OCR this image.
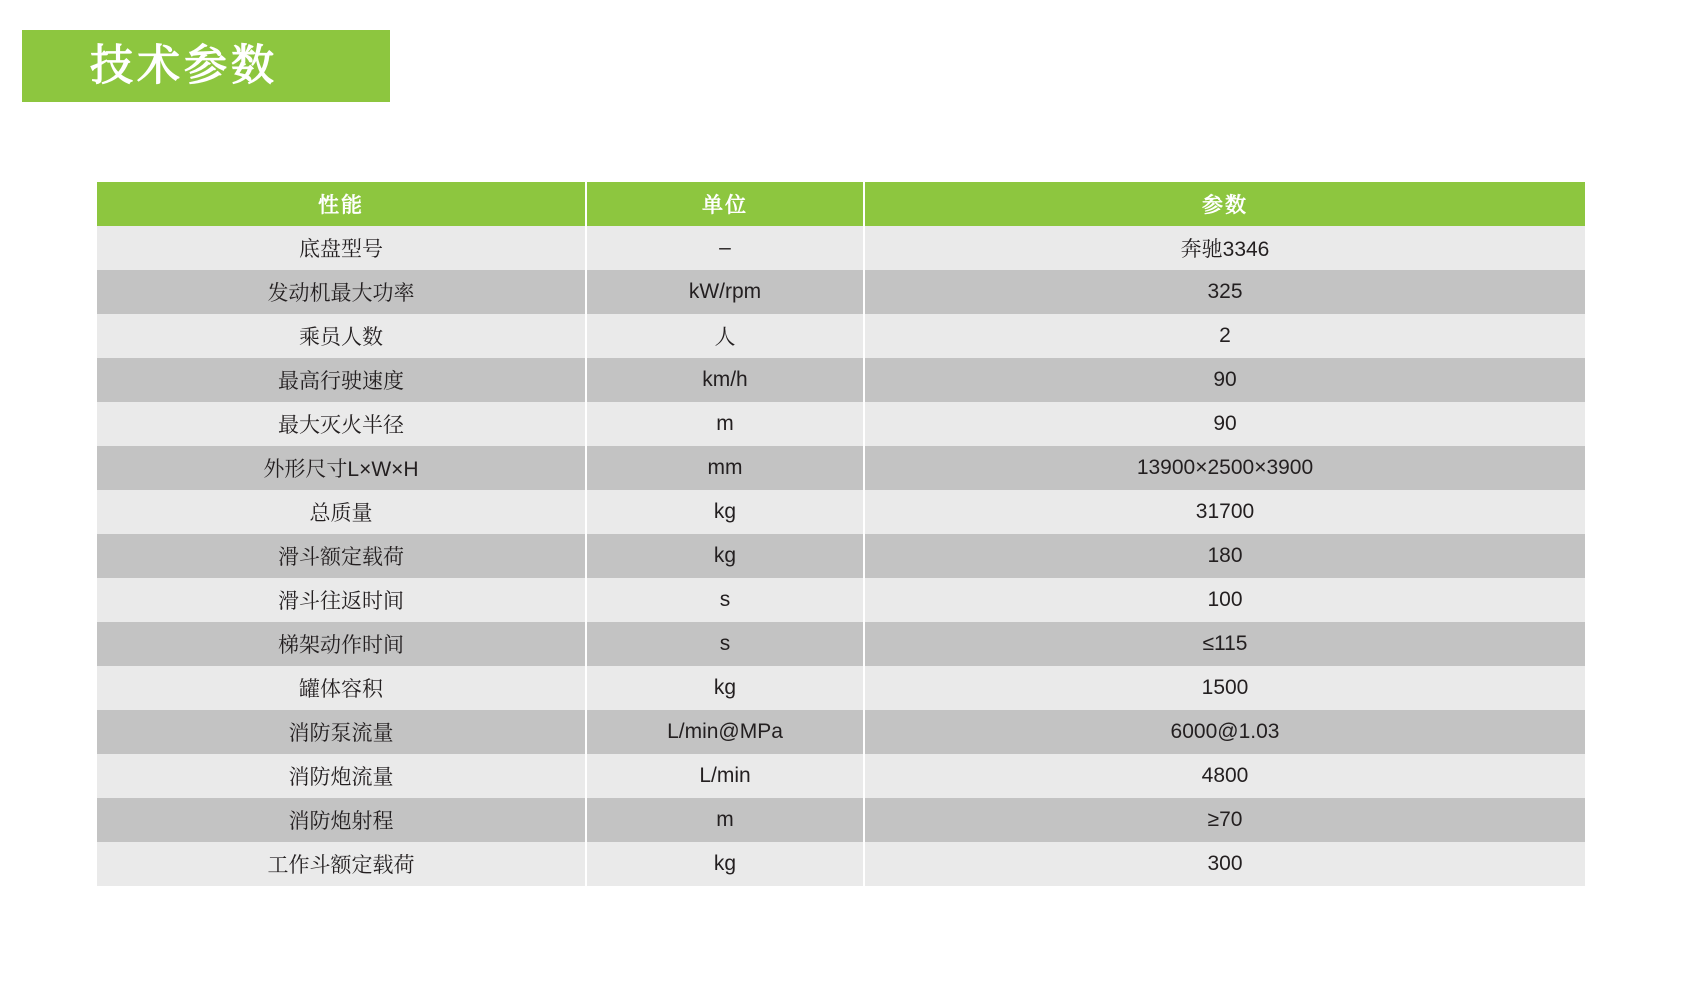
技术参数
性能	单位	参数
底盘型号	–	奔驰3346
发动机最大功率	kW/rpm	325
乘员人数	人	2
最高行驶速度	km/h	90
最大灭火半径	m	90
外形尺寸L×W×H	mm	13900×2500×3900
总质量	kg	31700
滑斗额定载荷	kg	180
滑斗往返时间	s	100
梯架动作时间	s	≤115
罐体容积	kg	1500
消防泵流量	L/min@MPa	6000@1.03
消防炮流量	L/min	4800
消防炮射程	m	≥70
工作斗额定载荷	kg	300
